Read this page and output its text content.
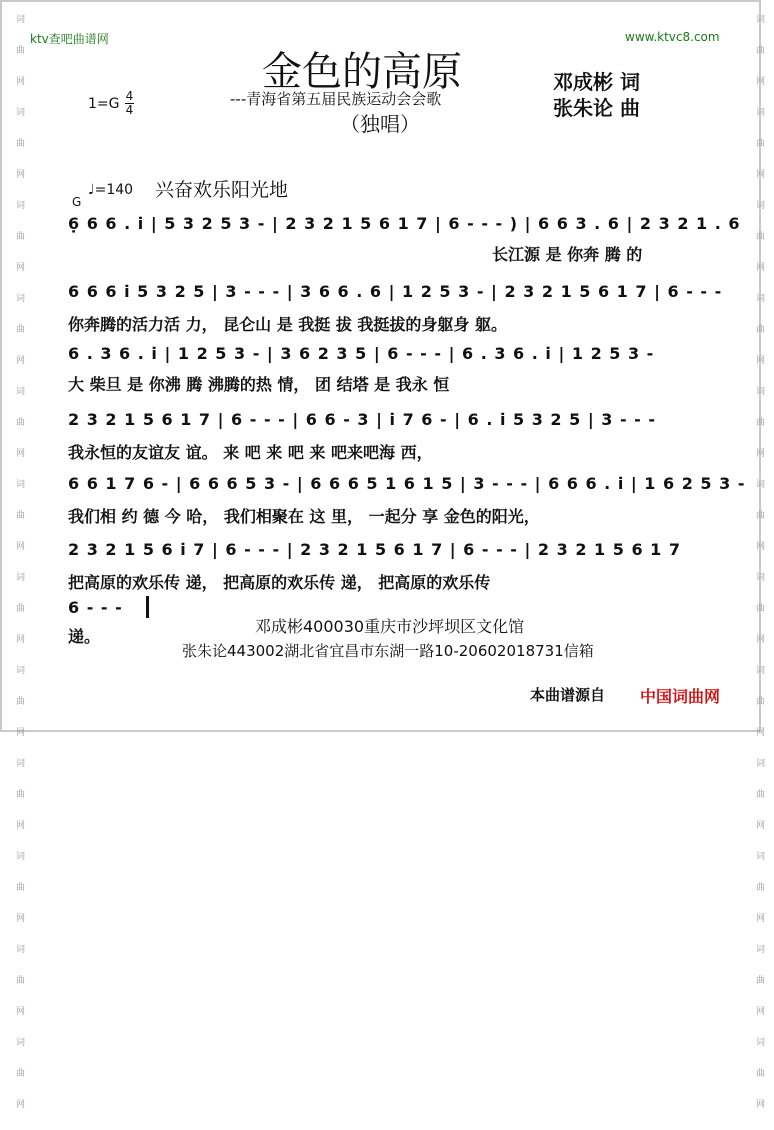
词曲网词曲网词曲网词曲网词曲网词曲网词曲网词曲网词曲网词曲网词曲网词曲网	词曲网词曲网词曲网词曲网词曲网词曲网词曲网词曲网词曲网词曲网词曲网词曲网
ktv查吧曲谱网	www.ktvc8.com
金色的高原
---青海省第五届民族运动会会歌
（独唱）
邓成彬 词
张朱论 曲
1=G 4
4
♩=140
G
兴奋欢乐阳光地
6̣ 6 6 . i̇ | 5 3 2 5 3 - | 2 3 2 1 5 6 1 7 | 6 - - - ) | 6 6 3 . 6 | 2 3 2 1 . 6
长江源 是 你奔 腾 的
6 6 6 i̇ 5 3 2 5 | 3 - - - | 3 6 6 . 6 | 1 2 5 3 - | 2 3 2 1 5 6 1 7 | 6 - - -
你奔腾的活力活 力， 昆仑山 是 我挺 拔 我挺拔的身躯身 躯。
6 . 3 6 . i̇ | 1 2 5 3 - | 3 6 2 3 5 | 6 - - - | 6 . 3 6 . i̇ | 1 2 5 3 -
大 柴旦 是 你沸 腾 沸腾的热 情， 团 结塔 是 我永 恒
2 3 2 1 5 6 1 7 | 6 - - - | 6 6 - 3 | i̇ 7 6 - | 6 . i̇ 5 3 2 5 | 3 - - -
我永恒的友谊友 谊。 来 吧 来 吧 来 吧来吧海 西，
6 6 1 7 6 - | 6 6 6 5 3 - | 6 6 6 5 1 6 1 5 | 3 - - - | 6 6 6 . i̇ | 1 6 2 5 3 -
我们相 约 德 今 哈， 我们相聚在 这 里， 一起分 享 金色的阳光，
2 3 2 1 5 6 i̇ 7 | 6 - - - | 2 3 2 1 5 6 1 7 | 6 - - - | 2 3 2 1 5 6 1 7
把高原的欢乐传 递， 把高原的欢乐传 递， 把高原的欢乐传
6 - - -
递。
邓成彬400030重庆市沙坪坝区文化馆
张朱论443002湖北省宜昌市东湖一路10-20602018731信箱
本曲谱源自 中国词曲网
